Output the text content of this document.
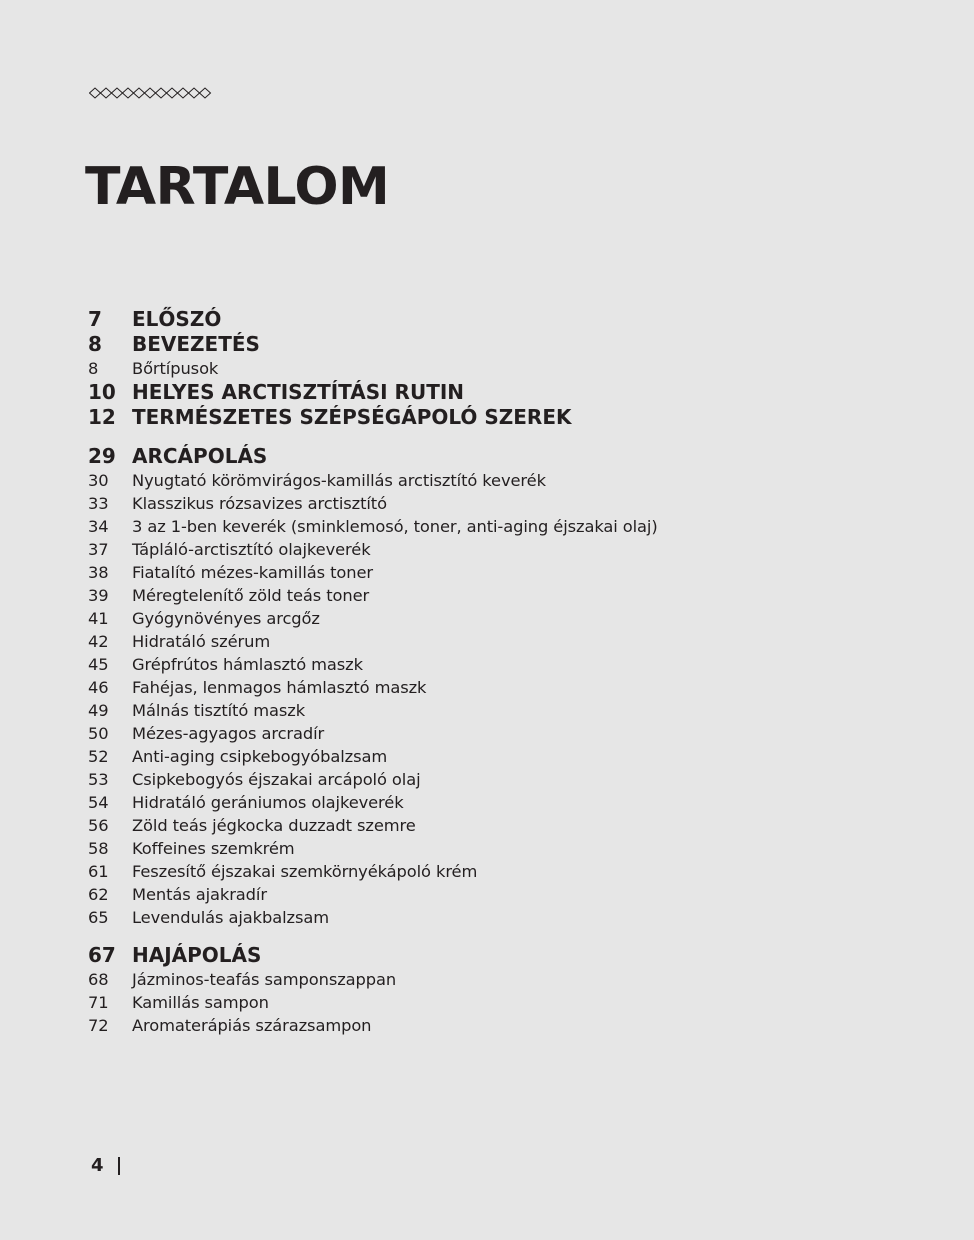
TARTALOM
7	ELŐSZÓ
8	BEVEZETÉS
8	Bőrtípusok
10 HELYES ARCTISZTÍTÁSI RUTIN
12 TERMÉSZETES SZÉPSÉGÁPOLÓ SZEREK
29 ARCÁPOLÁS
30	Nyugtató körömvirágos-kamillás arctisztító keverék
33	Klasszikus rózsavizes arctisztító
34	3 az 1-ben keverék (sminklemosó, toner, anti-aging éjszakai olaj)
37	Tápláló-arctisztító olajkeverék
38	Fiatalító mézes-kamillás toner
39	Méregtelenítő zöld teás toner
41	Gyógynövényes arcgőz
42	Hidratáló szérum
45	Grépfrútos hámlasztó maszk
46	Fahéjas, lenmagos hámlasztó maszk
49	Málnás tisztító maszk
50	Mézes-agyagos arcradír
52	Anti-aging csipkebogyóbalzsam
53	Csipkebogyós éjszakai arcápoló olaj
54	Hidratáló gerániumos olajkeverék
56	Zöld teás jégkocka duzzadt szemre
58	Koffeines szemkrém
61	Feszesítő éjszakai szemkörnyékápoló krém
62	Mentás ajakradír
65	Levendulás ajakbalzsam
67 HAJÁPOLÁS
68	Jázminos-teafás samponszappan
71	Kamillás sampon
72	Aromaterápiás szárazsampon
4
